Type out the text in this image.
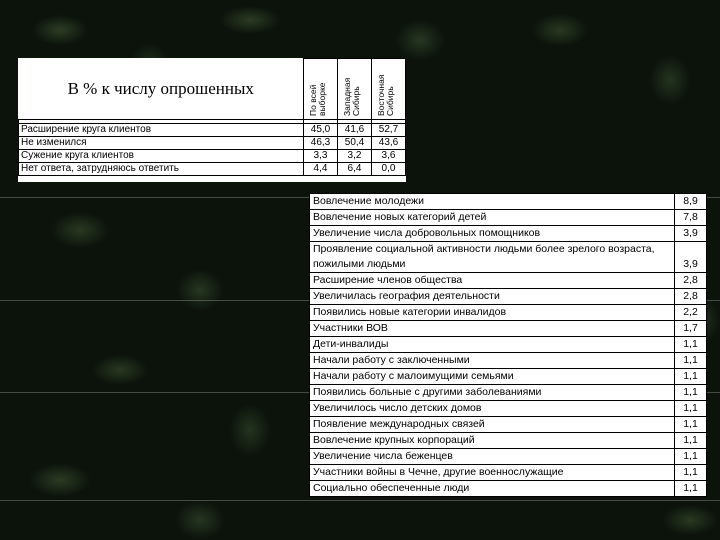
В % к числу опрошенных	По всей выборке	Западная Сибирь	Восточная Сибирь

Расширение круга клиентов	45,0	41,6	52,7
Не изменился	46,3	50,4	43,6
Сужение круга клиентов	3,3	3,2	3,6
Нет ответа, затрудняюсь ответить	4,4	6,4	0,0

Вовлечение молодежи	8,9
Вовлечение новых категорий детей	7,8
Увеличение числа добровольных помощников	3,9
Проявление социальной активности людьми более зрелого возраста, пожилыми людьми	3,9
Расширение членов общества	2,8
Увеличилась география деятельности	2,8
Появились новые категории инвалидов	2,2
Участники ВОВ	1,7
Дети-инвалиды	1,1
Начали работу с заключенными	1,1
Начали работу с малоимущими семьями	1,1
Появились больные с другими заболеваниями	1,1
Увеличилось число детских домов	1,1
Появление международных связей	1,1
Вовлечение крупных корпораций	1,1
Увеличение числа беженцев	1,1
Участники войны в Чечне, другие военнослужащие	1,1
Социально обеспеченные люди	1,1
